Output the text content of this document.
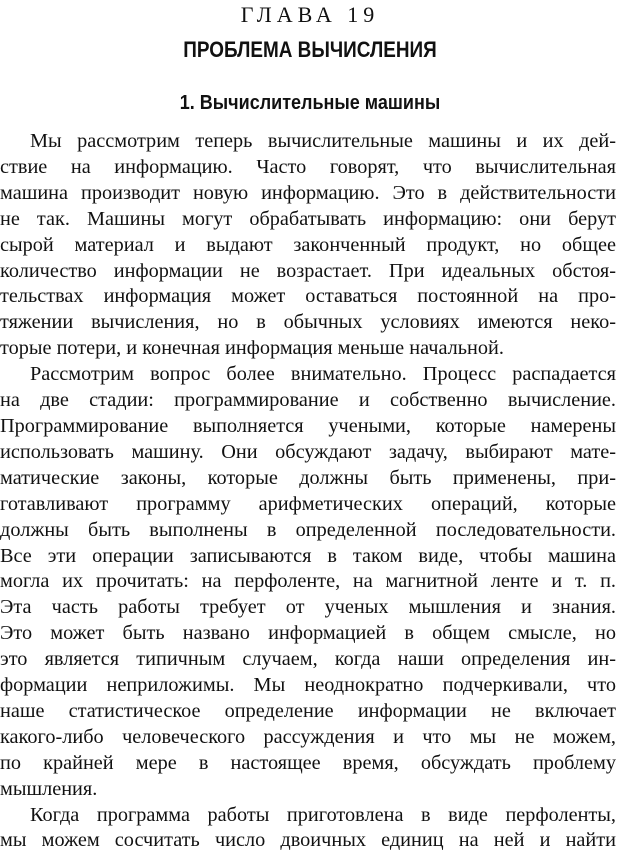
ГЛАВА 19
ПРОБЛЕМА ВЫЧИСЛЕНИЯ
1. Вычислительные машины

Мы рассмотрим теперь вычислительные машины и их дей-

ствие на информацию. Часто говорят, что вычислительная

машина производит новую информацию. Это в действительности

не так. Машины могут обрабатывать информацию: они берут

сырой материал и выдают законченный продукт, но общее

количество информации не возрастает. При идеальных обстоя-

тельствах информация может оставаться постоянной на про-

тяжении вычисления, но в обычных условиях имеются неко-

торые потери, и конечная информация меньше начальной.

Рассмотрим вопрос более внимательно. Процесс распадается

на две стадии: программирование и собственно вычисление.

Программирование выполняется учеными, которые намерены

использовать машину. Они обсуждают задачу, выбирают мате-

матические законы, которые должны быть применены, при-

готавливают программу арифметических операций, которые

должны быть выполнены в определенной последовательности.

Все эти операции записываются в таком виде, чтобы машина

могла их прочитать: на перфоленте, на магнитной ленте и т. п.

Эта часть работы требует от ученых мышления и знания.

Это может быть названо информацией в общем смысле, но

это является типичным случаем, когда наши определения ин-

формации неприложимы. Мы неоднократно подчеркивали, что

наше статистическое определение информации не включает

какого-либо человеческого рассуждения и что мы не можем,

по крайней мере в настоящее время, обсуждать проблему

мышления.

Когда программа работы приготовлена в виде перфоленты,

мы можем сосчитать число двоичных единиц на ней и найти
